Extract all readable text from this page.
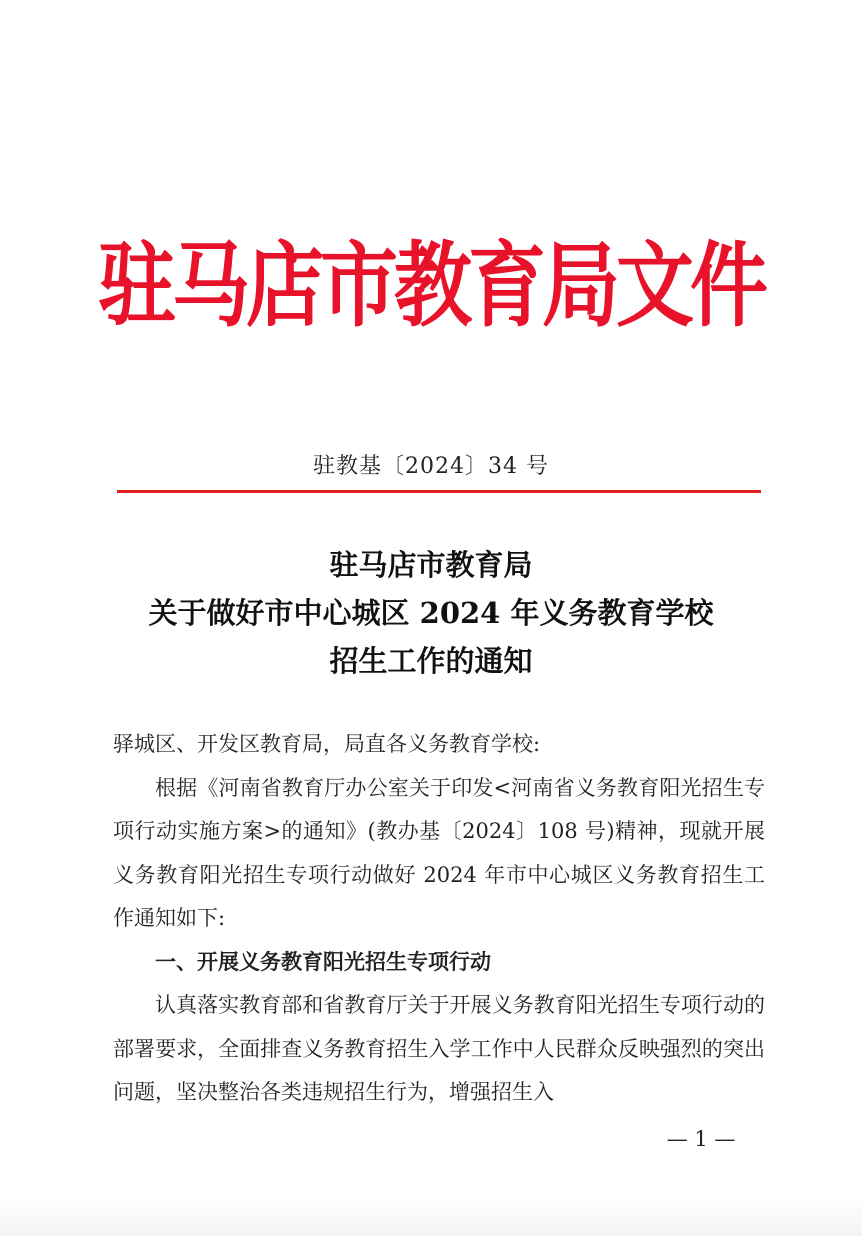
驻马店市教育局文件
驻教基〔2024〕34 号
驻马店市教育局
关于做好市中心城区 2024 年义务教育学校
招生工作的通知

驿城区、开发区教育局，局直各义务教育学校:

根据《河南省教育厅办公室关于印发<河南省义务教育阳光招生专项行动实施方案>的通知》(教办基〔2024〕108 号)精神，现就开展义务教育阳光招生专项行动做好 2024 年市中心城区义务教育招生工作通知如下:

一、开展义务教育阳光招生专项行动

认真落实教育部和省教育厅关于开展义务教育阳光招生专项行动的部署要求，全面排查义务教育招生入学工作中人民群众反映强烈的突出问题，坚决整治各类违规招生行为，增强招生入

— 1 —
